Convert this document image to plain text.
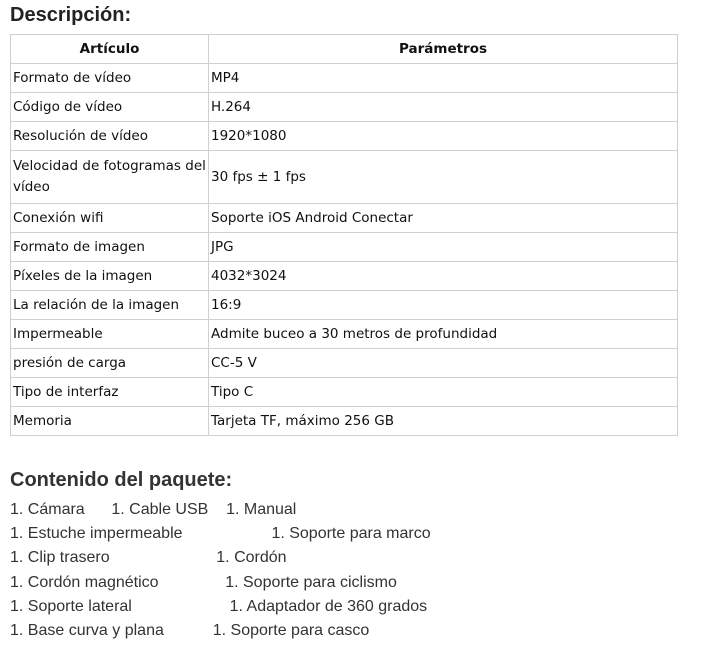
Descripción:
Artículo	Parámetros
Formato de vídeo	MP4
Código de vídeo	H.264
Resolución de vídeo	1920*1080
Velocidad de fotogramas del vídeo	30 fps ± 1 fps
Conexión wifi	Soporte iOS Android Conectar
Formato de imagen	JPG
Píxeles de la imagen	4032*3024
La relación de la imagen	16:9
Impermeable	Admite buceo a 30 metros de profundidad
presión de carga	CC-5 V
Tipo de interfaz	Tipo C
Memoria	Tarjeta TF, máximo 256 GB
Contenido del paquete:
1. Cámara      1. Cable USB    1. Manual
1. Estuche impermeable                    1. Soporte para marco
1. Clip trasero                        1. Cordón
1. Cordón magnético               1. Soporte para ciclismo
1. Soporte lateral                      1. Adaptador de 360 grados
1. Base curva y plana           1. Soporte para casco
